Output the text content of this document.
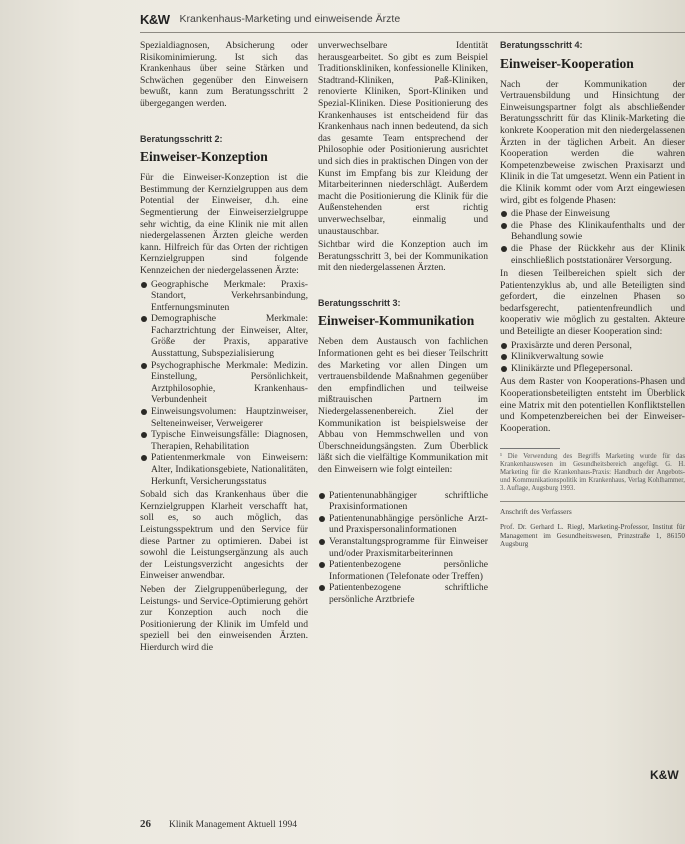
K&W Krankenhaus-Marketing und einweisende Ärzte

Spezialdiagnosen, Absicherung oder Risikominimierung. Ist sich das Krankenhaus über seine Stärken und Schwächen gegenüber den Einweisern bewußt, kann zum Beratungsschritt 2 übergegangen werden.

Beratungsschritt 2:
Einweiser-Konzeption

Für die Einweiser-Konzeption ist die Bestimmung der Kernzielgruppen aus dem Potential der Einweiser, d.h. eine Segmentierung der Einweiserzielgruppe sehr wichtig, da eine Klinik nie mit allen niedergelassenen Ärzten gleiche werden kann. Hilfreich für das Orten der richtigen Kernzielgruppen sind folgende Kennzeichen der niedergelassenen Ärzte:

Geographische Merkmale: Praxis-Standort, Verkehrsanbindung, Entfernungsminuten
Demographische Merkmale: Facharztrichtung der Einweiser, Alter, Größe der Praxis, apparative Ausstattung, Subspezialisierung
Psychographische Merkmale: Medizin. Einstellung, Persönlichkeit, Arztphilosophie, Krankenhaus-Verbundenheit
Einweisungsvolumen: Hauptzinweiser, Selteneinweiser, Verweigerer
Typische Einweisungsfälle: Diagnosen, Therapien, Rehabilitation
Patientenmerkmale von Einweisern: Alter, Indikationsgebiete, Nationalitäten, Herkunft, Versicherungsstatus

Sobald sich das Krankenhaus über die Kernzielgruppen Klarheit verschafft hat, soll es, so auch möglich, das Leistungsspektrum und den Service für diese Partner zu optimieren. Dabei ist sowohl die Leistungsergänzung als auch der Leistungsverzicht angesichts der Einweiser anwendbar.

Neben der Zielgruppenüberlegung, der Leistungs- und Service-Optimierung gehört zur Konzeption auch noch die Positionierung der Klinik im Umfeld und speziell bei den einweisenden Ärzten. Hierdurch wird die

unverwechselbare Identität herausgearbeitet. So gibt es zum Beispiel Traditionskliniken, konfessionelle Kliniken, Stadtrand-Kliniken, Paß-Kliniken, renovierte Kliniken, Sport-Kliniken und Spezial-Kliniken. Diese Positionierung des Krankenhauses ist entscheidend für das Krankenhaus nach innen bedeutend, da sich das gesamte Team entsprechend der Philosophie oder Positionierung ausrichtet und sich dies in praktischen Dingen von der Kunst im Empfang bis zur Kleidung der Mitarbeiterinnen niederschlägt. Außerdem macht die Positionierung die Klinik für die Außenstehenden erst richtig unverwechselbar, einmalig und unaustauschbar.

Sichtbar wird die Konzeption auch im Beratungsschritt 3, bei der Kommunikation mit den niedergelassenen Ärzten.

Beratungsschritt 3:
Einweiser-Kommunikation

Neben dem Austausch von fachlichen Informationen geht es bei dieser Teilschritt des Marketing vor allen Dingen um vertrauensbildende Maßnahmen gegenüber den empfindlichen und teilweise mißtrauischen Partnern im Niedergelassenenbereich. Ziel der Kommunikation ist beispielsweise der Abbau von Hemmschwellen und von Überschneidungsängsten. Zum Überblick läßt sich die vielfältige Kommunikation mit den Einweisern wie folgt einteilen:

Patientenunabhängiger schriftliche Praxisinformationen
Patientenunabhängige persönliche Arzt- und Praxispersonalinformationen
Veranstaltungsprogramme für Einweiser und/oder Praxismitarbeiterinnen
Patientenbezogene persönliche Informationen (Telefonate oder Treffen)
Patientenbezogene schriftliche persönliche Arztbriefe
Beratungsschritt 4:
Einweiser-Kooperation

Nach der Kommunikation der Vertrauensbildung und Hinsichtung der Einweisungspartner folgt als abschließender Beratungsschritt für das Klinik-Marketing die konkrete Kooperation mit den niedergelassenen Ärzten in der täglichen Arbeit. An dieser Kooperation werden die wahren Kompetenzbeweise zwischen Praxisarzt und Klinik in die Tat umgesetzt. Wenn ein Patient in die Klinik kommt oder vom Arzt eingewiesen wird, gibt es folgende Phasen:

die Phase der Einweisung
die Phase des Klinikaufenthalts und der Behandlung sowie
die Phase der Rückkehr aus der Klinik einschließlich poststationärer Versorgung.

In diesen Teilbereichen spielt sich der Patientenzyklus ab, und alle Beteiligten sind gefordert, die einzelnen Phasen so bedarfsgerecht, patientenfreundlich und kooperativ wie möglich zu gestalten. Akteure und Beteiligte an dieser Kooperation sind:

Praxisärzte und deren Personal,
Klinikverwaltung sowie
Klinikärzte und Pflegepersonal.

Aus dem Raster von Kooperations-Phasen und Kooperationsbeteiligten entsteht im Überblick eine Matrix mit den potentiellen Konfliktstellen und Kompetenzbereichen bei der Einweiser-Kooperation.

¹ Die Verwendung des Begriffs Marketing wurde für das Krankenhauswesen im Gesundheitsbereich angefügt. G. H. Marketing für die Krankenhaus-Praxis: Handbuch der Angebots- und Kommunikationspolitik im Krankenhaus, Verlag Kohlhammer, 3. Auflage, Augsburg 1993.
Anschrift des Verfassers
Prof. Dr. Gerhard L. Riegl, Marketing-Professor, Institut für Management im Gesundheitswesen, Prinzstraße 1, 86150 Augsburg
K&W
26 Klinik Management Aktuell 1994
